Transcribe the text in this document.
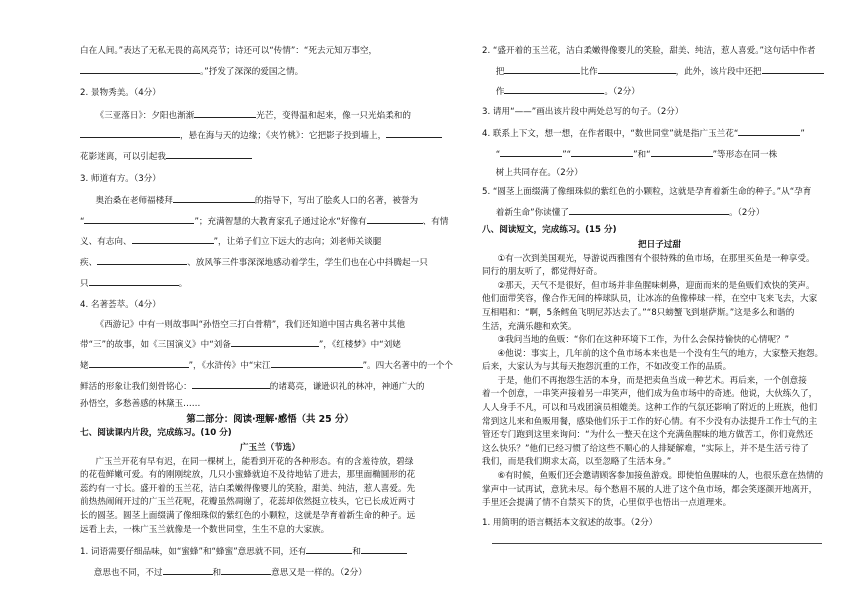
白在人间。”表达了无私无畏的高风亮节；诗还可以“传情”：“死去元知万事空，

。”抒发了深深的爱国之情。

2. 景物秀美。（4分）

《三亚落日》：夕阳也渐渐	光芒，变得温和起来，像一只光焰柔和的

，悬在海与天的边缘；《夹竹桃》：它把影子投到墙上，

花影迷离，可以引起我

3. 师道有方。（3分）

奥治桑在老师福楼拜	的指导下，写出了脍炙人口的名著，被誉为

“	”；充满智慧的大教育家孔子通过论水“好像有	、有情

义、有志向、	”，让弟子们立下远大的志向；刘老师关谈腿

疾、	、放风筝三件事深深地感动着学生，学生们也在心中抖腾起一只

只	。

4. 名著荟萃。（4分）

《西游记》中有一则故事叫“孙悟空三打白骨精”，我们还知道中国古典名著中其他

带“三”的故事，如《三国演义》中“刘备	”，《红楼梦》中“刘姥

姥	”，《水浒传》中“宋江	”。四大名著中的一个个

鲜活的形象让我们刻骨铭心：	的诸葛亮，谦逊识礼的林冲，神通广大的

孙悟空，多愁善感的林黛玉……

第二部分：阅读·理解·感悟（共 25 分）

七、阅读课内片段，完成练习。(10 分)

广玉兰（节选）

广玉兰开花有早有迟，在同一棵树上，能看到开花的各种形态。有的含羞待放，碧绿

的花苞鲜嫩可爱。有的刚刚绽放，几只小蜜蜂就迫不及待地钻了进去，那里面椭圆形的花

蕊约有一寸长。盛开着的玉兰花，洁白柔嫩得像婴儿的笑脸，甜美、纯洁，惹人喜爱。先

前热热闹闹开过的广玉兰花呢，花瓣虽然凋谢了，花蕊却依然挺立枝头，它已长成近两寸

长的圆茎。圆茎上面缀满了像细珠似的紫红色的小颗粒，这就是孕育着新生命的种子。远

远看上去，一株广玉兰就像是一个数世同堂，生生不息的大家族。

1. 词语需要仔细品味，如“蜜蜂”和“蜂蜜”意思就不同，还有	和

意思也不同，不过	和	意思又是一样的。（2分）

2. “盛开着的玉兰花，洁白柔嫩得像婴儿的笑脸，甜美、纯洁，惹人喜爱。”这句话中作者

把	比作	，此外，该片段中还把

作	。（2分）

3. 请用“——”画出该片段中两处总写的句子。（2分）

4. 联系上下文，想一想，在作者眼中，“数世同堂”就是指广玉兰花“	”

“	”“	”和“	”等形态在同一株

树上共同存在。（2分）

5. “圆茎上面缀满了像细珠似的紫红色的小颗粒，这就是孕育着新生命的种子。”从“孕育

着新生命”你读懂了	。（2分）

八、阅读短文，完成练习。(15 分)

把日子过甜

①有一次到美国观光，导游说西雅图有个很特殊的鱼市场，在那里买鱼是一种享受。

同行的朋友听了，都觉得好奇。

②那天，天气不是很好，但市场并非鱼腥味刺鼻，迎面而来的是鱼贩们欢快的笑声。

他们面带笑容，像合作无间的棒球队员，让冰冻的鱼像棒球一样，在空中飞来飞去，大家

互相唱和：“啊，5条鳕鱼飞明尼苏达去了。”“8只螃蟹飞到堪萨斯。”这是多么和谐的

生活，充满乐趣和欢笑。

③我问当地的鱼贩：“你们在这种环境下工作，为什么会保持愉快的心情呢？”

④他说：事实上，几年前的这个鱼市场本来也是一个没有生气的地方，大家整天抱怨。

后来，大家认为与其每天抱怨沉重的工作，不如改变工作的品质。

于是，他们不再抱怨生活的本身，而是把卖鱼当成一种艺术。再后来，一个创意接

着一个创意，一串笑声接着另一串笑声，他们成为鱼市场中的奇迹。他说，大伙练久了，

人人身手不凡，可以和马戏团演员相媲美。这种工作的气氛还影响了附近的上班族，他们

常到这儿来和鱼贩用餐，感染他们乐于工作的好心情。有不少没有办法提升工作士气的主

管还专门跑到这里来询问：“为什么一整天在这个充满鱼腥味的地方做苦工，你们竟然还

这么快乐？”他们已经习惯了给这些不顺心的人排疑解难，“实际上，并不是生活亏待了

我们，而是我们期求太高，以至忽略了生活本身。”

⑥有时候，鱼贩们还会邀请顾客参加接鱼游戏。即使怕鱼腥味的人，也很乐意在热情的

掌声中一试再试，意犹未尽。每个愁眉不展的人进了这个鱼市场，都会笑逐颜开地离开，

手里还会提满了情不自禁买下的货，心里似乎也悟出一点道理来。

1. 用简明的语言概括本文叙述的故事。（2分）
